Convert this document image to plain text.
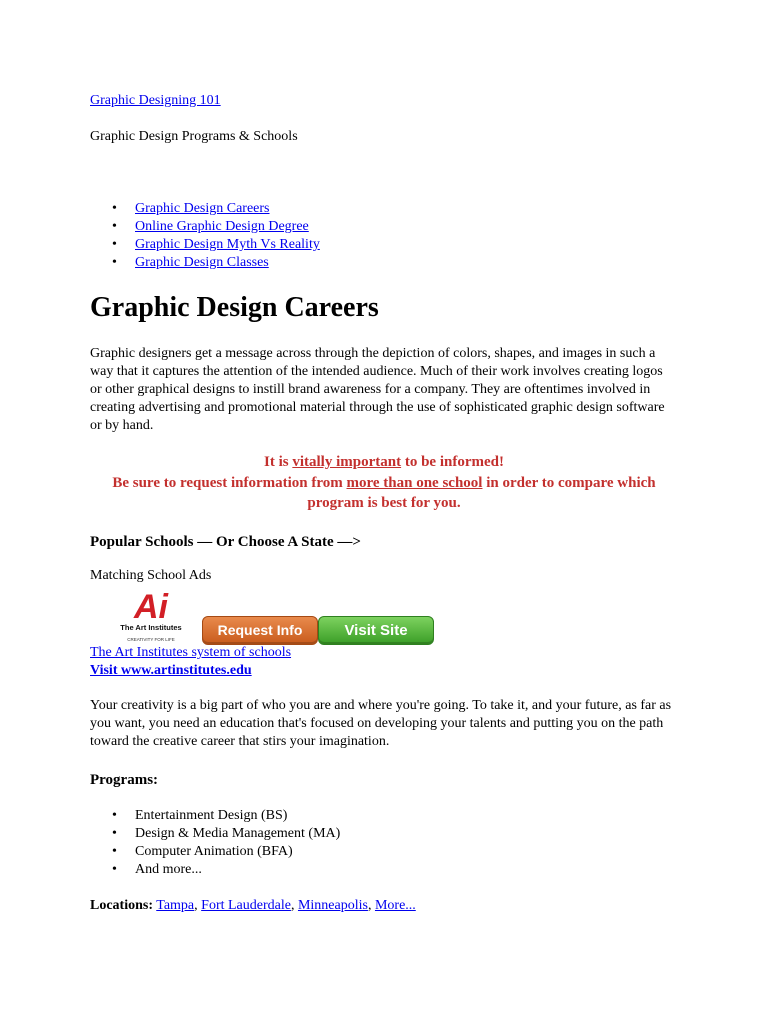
Graphic Designing 101
Graphic Design Programs & Schools
• Graphic Design Careers
• Online Graphic Design Degree
• Graphic Design Myth Vs Reality
• Graphic Design Classes
Graphic Design Careers

Graphic designers get a message across through the depiction of colors, shapes, and images in such a way that it captures the attention of the intended audience. Much of their work involves creating logos or other graphical designs to instill brand awareness for a company. They are oftentimes involved in creating advertising and promotional material through the use of sophisticated graphic design software or by hand.

It is vitally important to be informed!
Be sure to request information from more than one school in order to compare which program is best for you.
Popular Schools — Or Choose A State —>
Matching School Ads
Ai
The Art Institutes
CREATIVITY FOR LIFE
Request Info	Visit Site
The Art Institutes system of schools
Visit www.artinstitutes.edu

Your creativity is a big part of who you are and where you're going. To take it, and your future, as far as you want, you need an education that's focused on developing your talents and putting you on the path toward the creative career that stirs your imagination.

Programs:
• Entertainment Design (BS)
• Design & Media Management (MA)
• Computer Animation (BFA)
• And more...
Locations: Tampa, Fort Lauderdale, Minneapolis, More...
